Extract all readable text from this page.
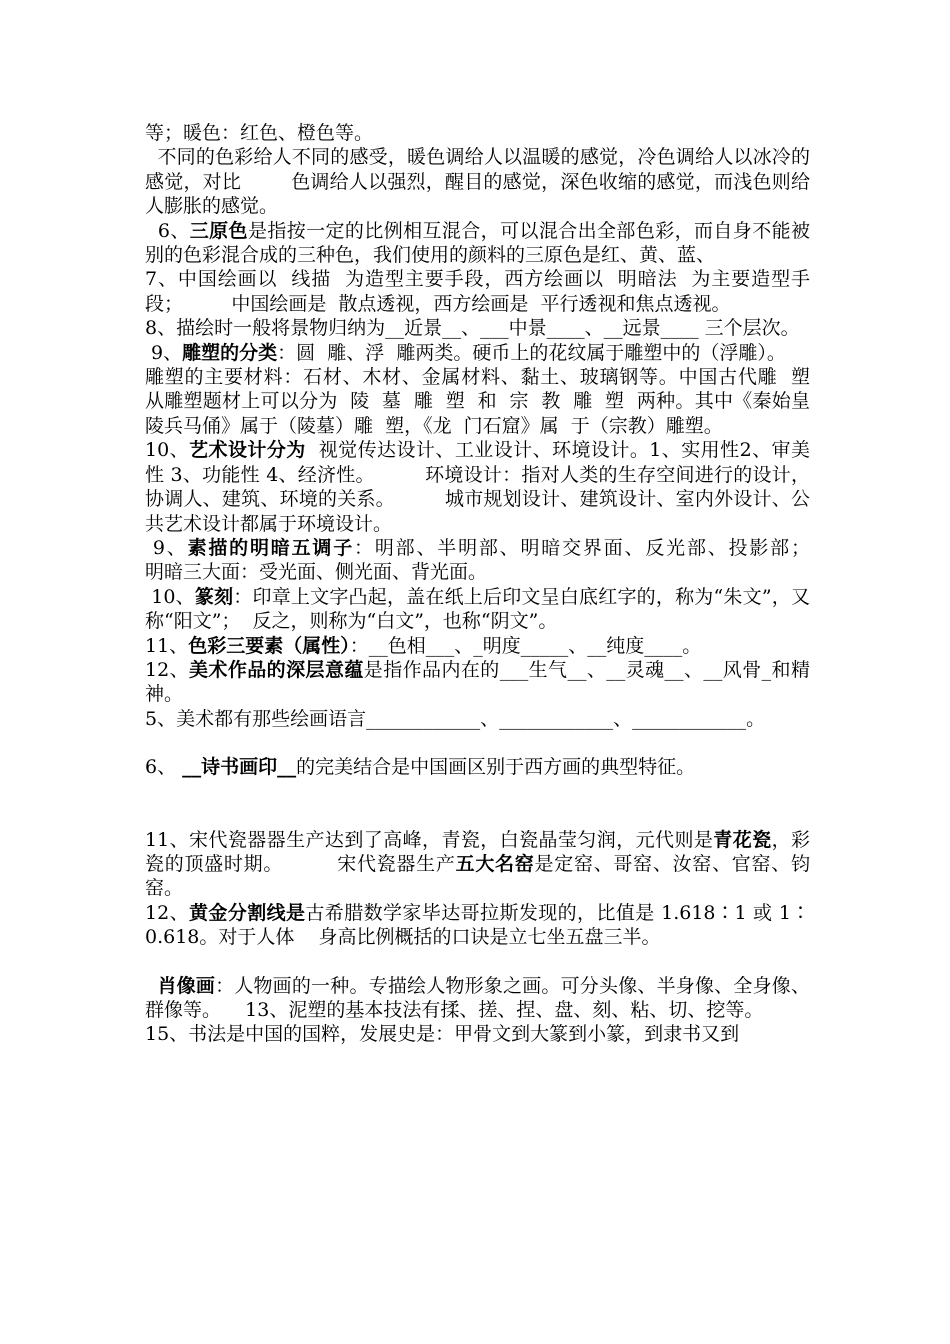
等；暖色：红色、橙色等。
不同的色彩给人不同的感受，暖色调给人以温暖的感觉，冷色调给人以冰冷的感觉，对比        色调给人以强烈，醒目的感觉，深色收缩的感觉，而浅色则给人膨胀的感觉。
6、三原色是指按一定的比例相互混合，可以混合出全部色彩，而自身不能被别的色彩混合成的三种色，我们使用的颜料的三原色是红、黄、蓝、
7、中国绘画以  线描  为造型主要手段，西方绘画以  明暗法  为主要造型手段；        中国绘画是  散点透视，西方绘画是  平行透视和焦点透视。
8、描绘时一般将景物归纳为__近景__、___中景____、__远景____ 三个层次。
9、雕塑的分类：圆  雕、浮  雕两类。硬币上的花纹属于雕塑中的（浮雕）。
雕塑的主要材料：石材、木材、金属材料、黏土、玻璃钢等。中国古代雕  塑  从雕塑题材上可以分为  陵  墓  雕  塑  和  宗  教  雕  塑  两种。其中《秦始皇陵兵马俑》属于（陵墓）雕  塑，《龙  门石窟》属  于（宗教）雕塑。
10、艺术设计分为  视觉传达设计、工业设计、环境设计。1、实用性2、审美性 3、功能性 4、经济性。        环境设计：指对人类的生存空间进行的设计，协调人、建筑、环境的关系。        城市规划设计、建筑设计、室内外设计、公共艺术设计都属于环境设计。
9、素描的明暗五调子：明部、半明部、明暗交界面、反光部、投影部；        明暗三大面：受光面、侧光面、背光面。
10、篆刻：印章上文字凸起，盖在纸上后印文呈白底红字的，称为“朱文”，又称“阳文”；  反之，则称为“白文”，也称“阴文”。
11、色彩三要素（属性）：__色相___、_明度_____、__纯度____。
12、美术作品的深层意蕴是指作品内在的___生气__、__灵魂__、__风骨_和精神。
5、美术都有那些绘画语言____________、____________、____________。
6、 __诗书画印__的完美结合是中国画区别于西方画的典型特征。
11、宋代瓷器器生产达到了高峰，青瓷，白瓷晶莹匀润，元代则是青花瓷，彩瓷的顶盛时期。        宋代瓷器生产五大名窑是定窑、哥窑、汝窑、官窑、钧窑。
12、黄金分割线是古希腊数学家毕达哥拉斯发现的，比值是 1.618∶1 或 1∶0.618。对于人体    身高比例概括的口诀是立七坐五盘三半。
肖像画：人物画的一种。专描绘人物形象之画。可分头像、半身像、全身像、群像等。    13、泥塑的基本技法有揉、搓、捏、盘、刻、粘、切、挖等。
15、书法是中国的国粹，发展史是：甲骨文到大篆到小篆，到隶书又到
